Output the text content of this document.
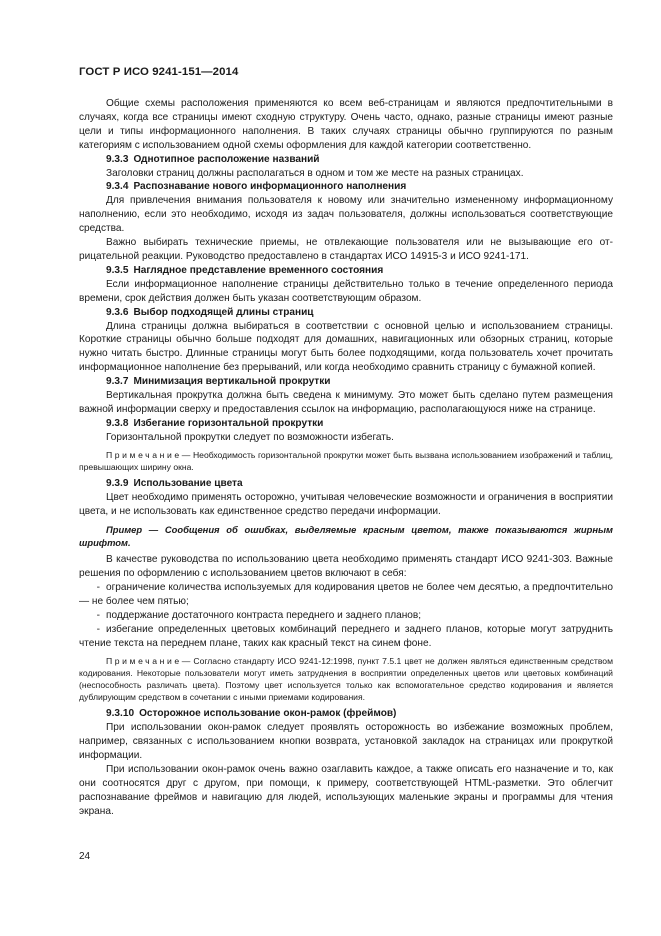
ГОСТ Р ИСО 9241-151—2014

Общие схемы расположения применяются ко всем веб-страницам и являются предпочтительными в случаях, когда все страницы имеют сходную структуру. Очень часто, однако, разные страницы имеют разные цели и типы информационного наполнения. В таких случаях страницы обычно группируются по разным категориям с использованием одной схемы оформления для каждой категории соответственно.

9.3.3 Однотипное расположение названий

Заголовки страниц должны располагаться в одном и том же месте на разных страницах.

9.3.4 Распознавание нового информационного наполнения

Для привлечения внимания пользователя к новому или значительно измененному информационному наполнению, если это необходимо, исходя из задач пользователя, должны использоваться соответствующие средства.

Важно выбирать технические приемы, не отвлекающие пользователя или не вызывающие его отрицательной реакции. Руководство предоставлено в стандартах ИСО 14915-3 и ИСО 9241-171.

9.3.5 Наглядное представление временного состояния

Если информационное наполнение страницы действительно только в течение определенного периода времени, срок действия должен быть указан соответствующим образом.

9.3.6 Выбор подходящей длины страниц

Длина страницы должна выбираться в соответствии с основной целью и использованием страницы. Короткие страницы обычно больше подходят для домашних, навигационных или обзорных страниц, которые нужно читать быстро. Длинные страницы могут быть более подходящими, когда пользователь хочет прочитать информационное наполнение без прерываний, или когда необходимо сравнить страницу с бумажной копией.

9.3.7 Минимизация вертикальной прокрутки

Вертикальная прокрутка должна быть сведена к минимуму. Это может быть сделано путем размещения важной информации сверху и предоставления ссылок на информацию, располагающуюся ниже на странице.

9.3.8 Избегание горизонтальной прокрутки

Горизонтальной прокрутки следует по возможности избегать.

Примечание— Необходимость горизонтальной прокрутки может быть вызвана использованием изображений и таблиц, превышающих ширину окна.

9.3.9 Использование цвета

Цвет необходимо применять осторожно, учитывая человеческие возможности и ограничения в восприятии цвета, и не использовать как единственное средство передачи информации.

Пример — Сообщения об ошибках, выделяемые красным цветом, также показываются жирным шрифтом.

В качестве руководства по использованию цвета необходимо применять стандарт ИСО 9241-303. Важные решения по оформлению с использованием цветов включают в себя:

- ограничение количества используемых для кодирования цветов не более чем десятью, а предпочтительно — не более чем пятью;

- поддержание достаточного контраста переднего и заднего планов;

- избегание определенных цветовых комбинаций переднего и заднего планов, которые могут затруднить чтение текста на переднем плане, таких как красный текст на синем фоне.

Примечание— Согласно стандарту ИСО 9241-12:1998, пункт 7.5.1 цвет не должен являться единственным средством кодирования. Некоторые пользователи могут иметь затруднения в восприятии определенных цветов или цветовых комбинаций (неспособность различать цвета). Поэтому цвет используется только как вспомогательное средство кодирования и является дублирующим средством в сочетании с иными приемами кодирования.

9.3.10 Осторожное использование окон-рамок (фреймов)

При использовании окон-рамок следует проявлять осторожность во избежание возможных проблем, например, связанных с использованием кнопки возврата, установкой закладок на страницах или прокруткой информации.

При использовании окон-рамок очень важно озаглавить каждое, а также описать его назначение и то, как они соотносятся друг с другом, при помощи, к примеру, соответствующей HTML-разметки. Это облегчит распознавание фреймов и навигацию для людей, использующих маленькие экраны и программы для чтения экрана.

24
